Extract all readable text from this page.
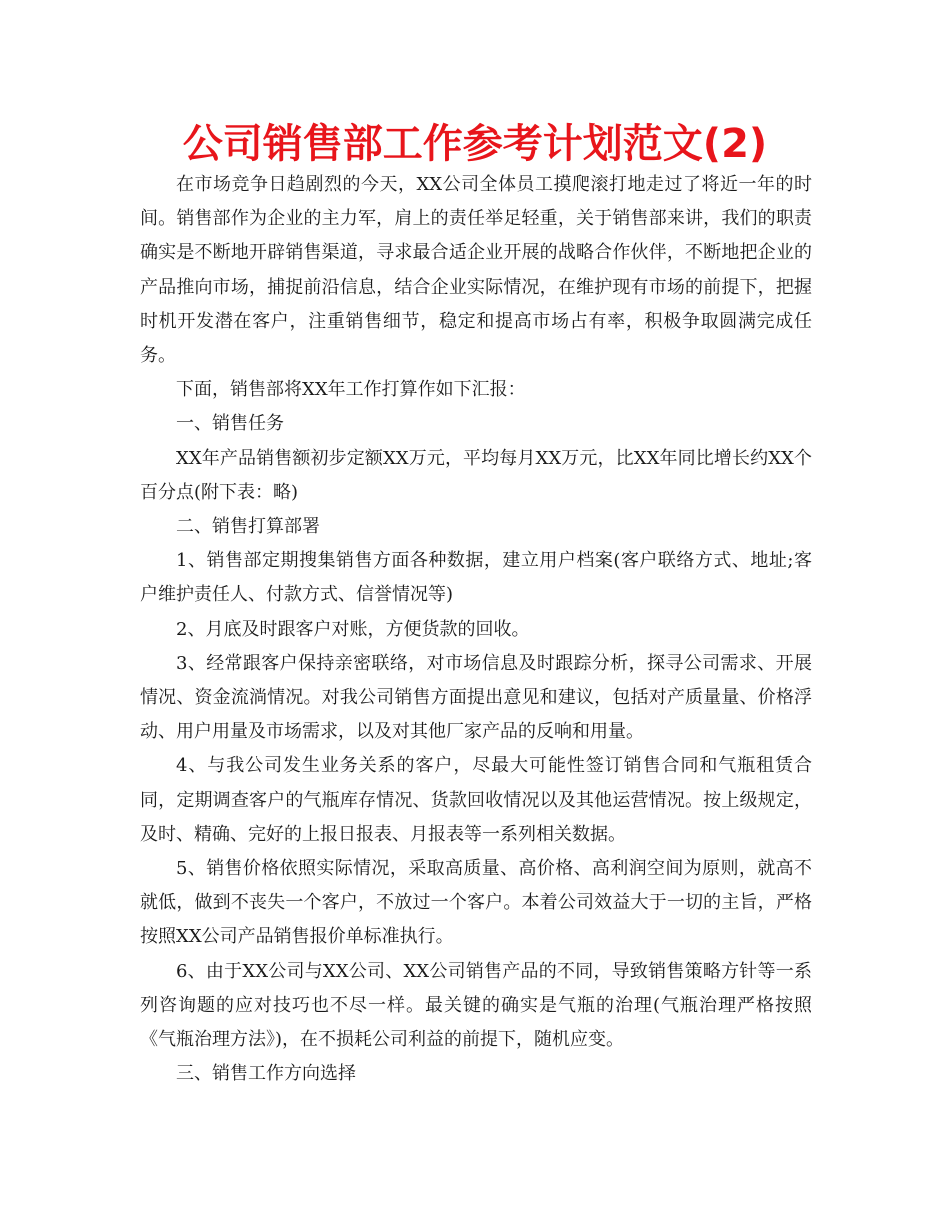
公司销售部工作参考计划范文(2)

在市场竞争日趋剧烈的今天，XX公司全体员工摸爬滚打地走过了将近一年的时间。销售部作为企业的主力军，肩上的责任举足轻重，关于销售部来讲，我们的职责确实是不断地开辟销售渠道，寻求最合适企业开展的战略合作伙伴，不断地把企业的产品推向市场，捕捉前沿信息，结合企业实际情况，在维护现有市场的前提下，把握时机开发潜在客户，注重销售细节，稳定和提高市场占有率，积极争取圆满完成任务。

下面，销售部将XX年工作打算作如下汇报：

一、销售任务

XX年产品销售额初步定额XX万元，平均每月XX万元，比XX年同比增长约XX个百分点(附下表：略)

二、销售打算部署

1、销售部定期搜集销售方面各种数据，建立用户档案(客户联络方式、地址;客户维护责任人、付款方式、信誉情况等)

2、月底及时跟客户对账，方便货款的回收。

3、经常跟客户保持亲密联络，对市场信息及时跟踪分析，探寻公司需求、开展情况、资金流淌情况。对我公司销售方面提出意见和建议，包括对产质量量、价格浮动、用户用量及市场需求，以及对其他厂家产品的反响和用量。

4、与我公司发生业务关系的客户，尽最大可能性签订销售合同和气瓶租赁合同，定期调查客户的气瓶库存情况、货款回收情况以及其他运营情况。按上级规定，及时、精确、完好的上报日报表、月报表等一系列相关数据。

5、销售价格依照实际情况，采取高质量、高价格、高利润空间为原则，就高不就低，做到不丧失一个客户，不放过一个客户。本着公司效益大于一切的主旨，严格按照XX公司产品销售报价单标准执行。

6、由于XX公司与XX公司、XX公司销售产品的不同，导致销售策略方针等一系列咨询题的应对技巧也不尽一样。最关键的确实是气瓶的治理(气瓶治理严格按照《气瓶治理方法》)，在不损耗公司利益的前提下，随机应变。

三、销售工作方向选择
